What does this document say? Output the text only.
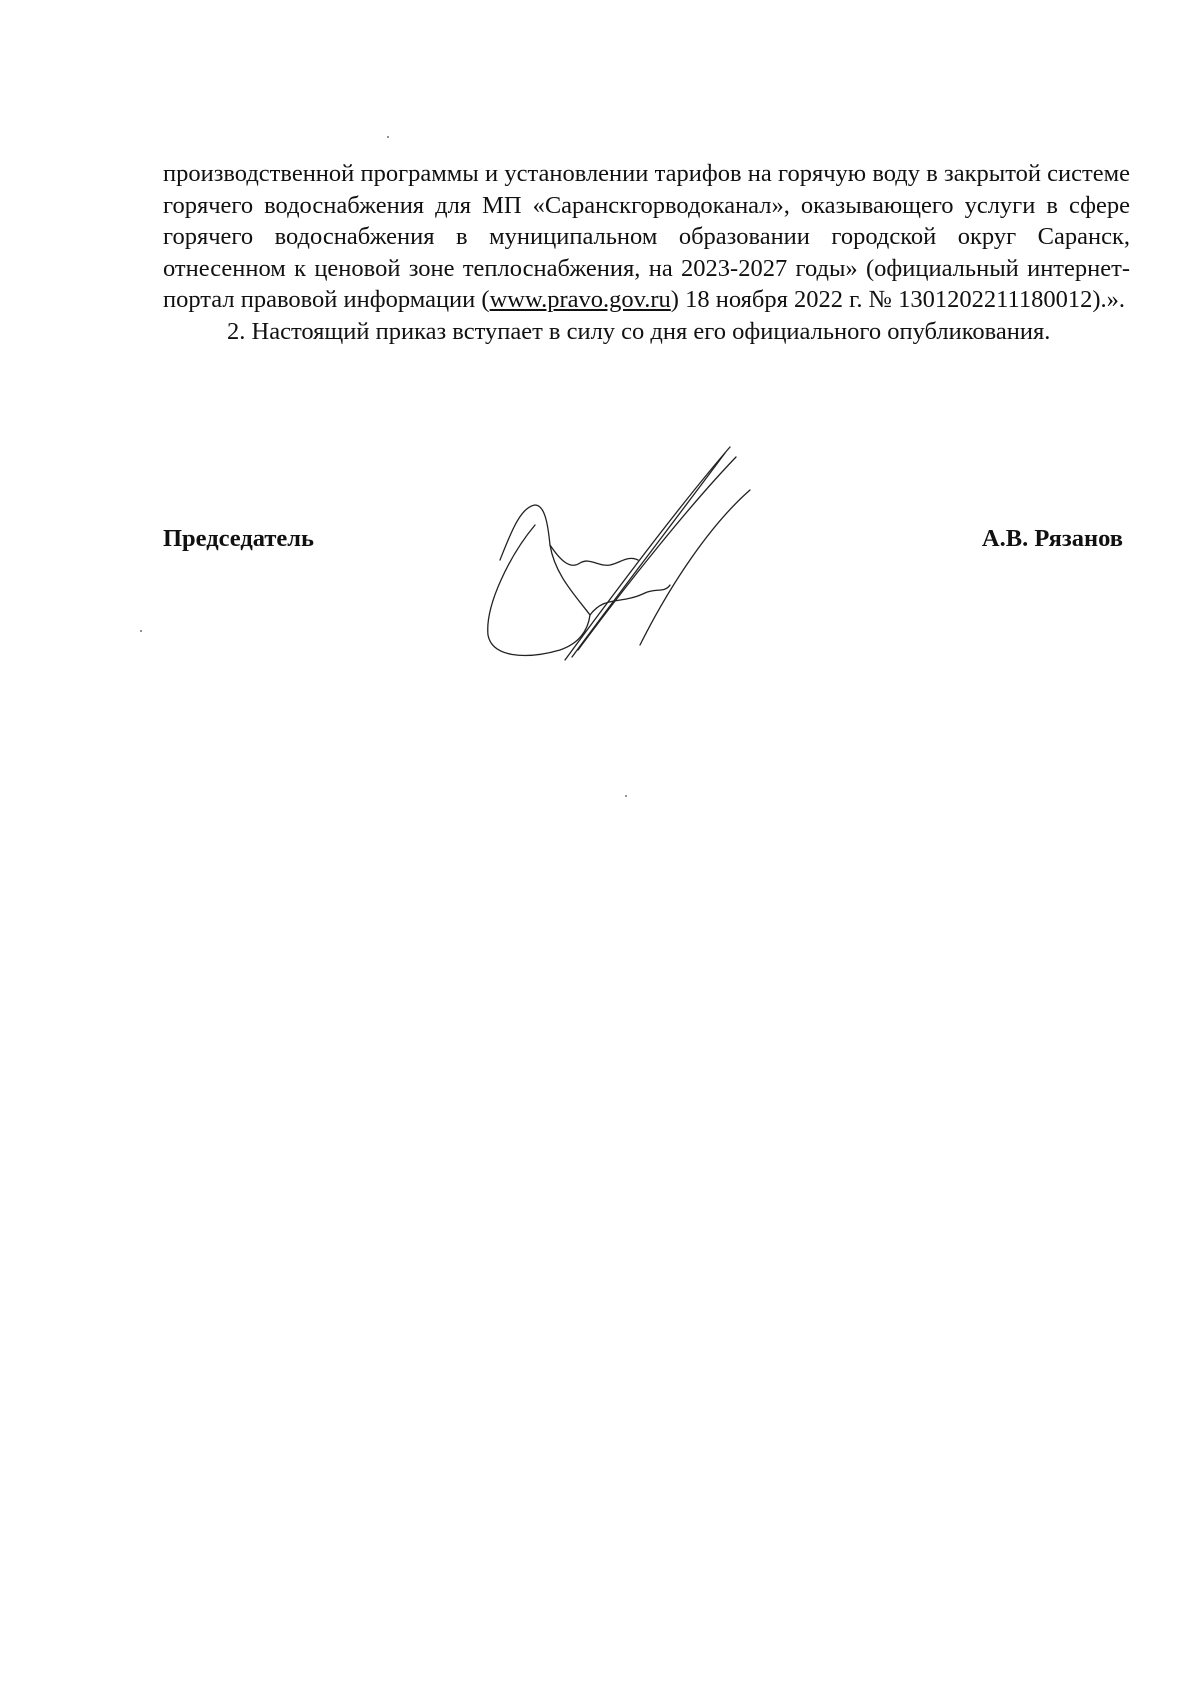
производственной программы и установлении тарифов на горячую воду в закрытой системе горячего водоснабжения для МП «Саранскгорводоканал», оказывающего услуги в сфере горячего водоснабжения в муниципальном образовании городской округ Саранск, отнесенном к ценовой зоне теплоснабжения, на 2023-2027 годы» (официальный интернет-портал правовой информации (www.pravo.gov.ru) 18 ноября 2022 г. № 1301202211180012).».

2. Настоящий приказ вступает в силу со дня его официального опубликования.

Председатель	А.В. Рязанов
